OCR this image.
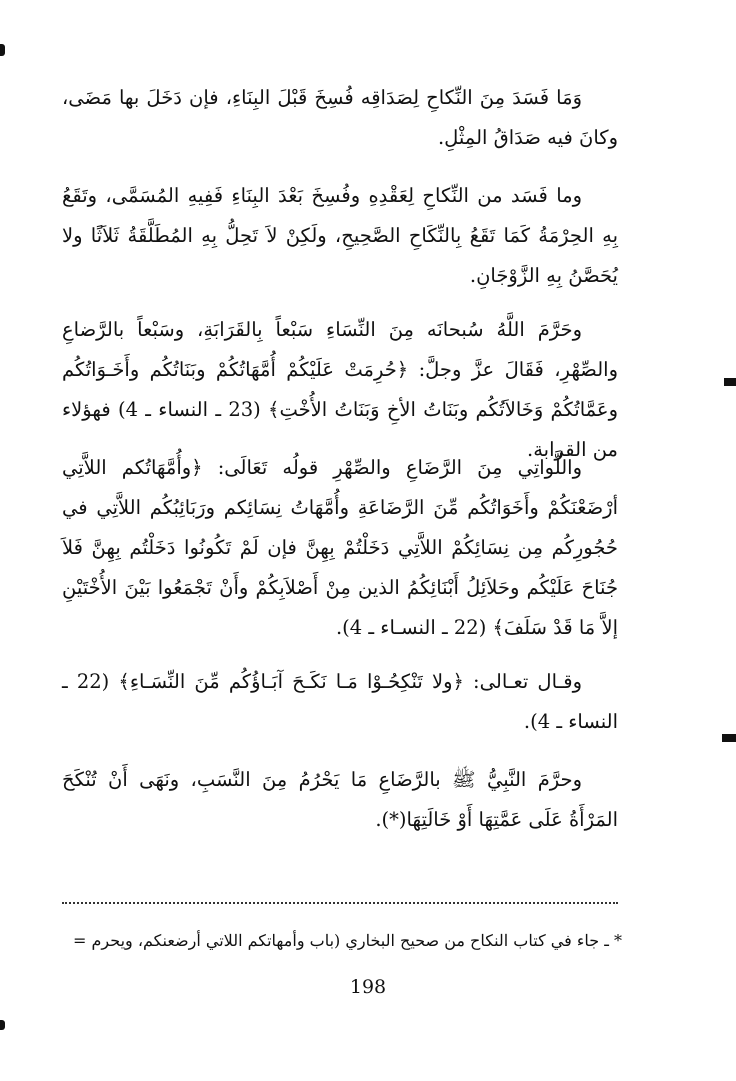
وَمَا فَسَدَ مِنَ النِّكاحِ لِصَدَاقِه فُسِخَ قَبْلَ البِنَاءِ، فإن دَخَلَ بها مَضَى، وكانَ فيه صَدَاقُ المِثْلِ.

وما فَسَد من النِّكاحِ لِعَقْدِهِ وفُسِخَ بَعْدَ البِنَاءِ فَفِيهِ المُسَمَّى، وتَقَعُ بِهِ الحِرْمَةُ كَمَا تَقَعُ بِالنِّكَاحِ الصَّحِيحِ، ولَكِنْ لاَ تَحِلُّ بِهِ المُطَلَّقَةُ ثَلاَثًا ولا يُحَصَّنُ بِهِ الزَّوْجَانِ.

وحَرَّمَ اللَّهُ سُبحانَه مِنَ النِّسَاءِ سَبْعاً بِالقَرَابَةِ، وسَبْعاً بالرَّضاعِ والصِّهْرِ، فَقَالَ عزَّ وجلَّ: ﴿حُرِمَتْ عَلَيْكُمْ أُمَّهَاتُكُمْ وبَنَاتُكُم وأَخَـوَاتُكُم وعَمَّاتُكُمْ وَخَالاَتُكُم وبَنَاتُ الأخِ وَبَنَاتُ الأُخْتِ﴾ (23 ـ النساء ـ 4) فهؤلاء من القرابة.

واللَّواتِي مِنَ الرَّضَاعِ والصِّهْرِ قولُه تَعَالَى: ﴿وأُمَّهَاتُكم اللاَّتِي أرْضَعْنَكُمْ وأَخَوَاتُكُم مِّنَ الرَّضَاعَةِ وأُمَّهَاتُ نِسَائِكم ورَبَائِبُكُم اللاَّتِي في حُجُورِكُم مِن نِسَائِكُمْ اللاَّتِي دَخَلْتُمْ بِهِنَّ فإن لَمْ تَكُونُوا دَخَلْتُم بِهِنَّ فَلاَ جُنَاحَ عَلَيْكُم وحَلاَئِلُ أَبْنَائِكُمُ الذين مِنْ أَصْلاَبِكُمْ وأَنْ تَجْمَعُوا بَيْنَ الأُخْتَيْنِ إلاَّ مَا قَدْ سَلَفَ﴾ (22 ـ النسـاء ـ 4).

وقـال تعـالى: ﴿ولا تَنْكِحُـوْا مَـا نَكَـحَ آبَـاؤُكُم مِّنَ النِّسَـاءِ﴾ (22 ـ النساء ـ 4).

وحرَّمَ النَّبِيُّ ﷺ بالرَّضَاعِ مَا يَحْرُمُ مِنَ النَّسَبِ، ونَهَى أَنْ تُنْكَحَ المَرْأَةُ عَلَى عَمَّتِهَا أَوْ خَالَتِهَا(*).

* ـ جاء في كتاب النكاح من صحيح البخاري (باب وأمهاتكم اللاتي أرضعنكم، ويحرم =
198
